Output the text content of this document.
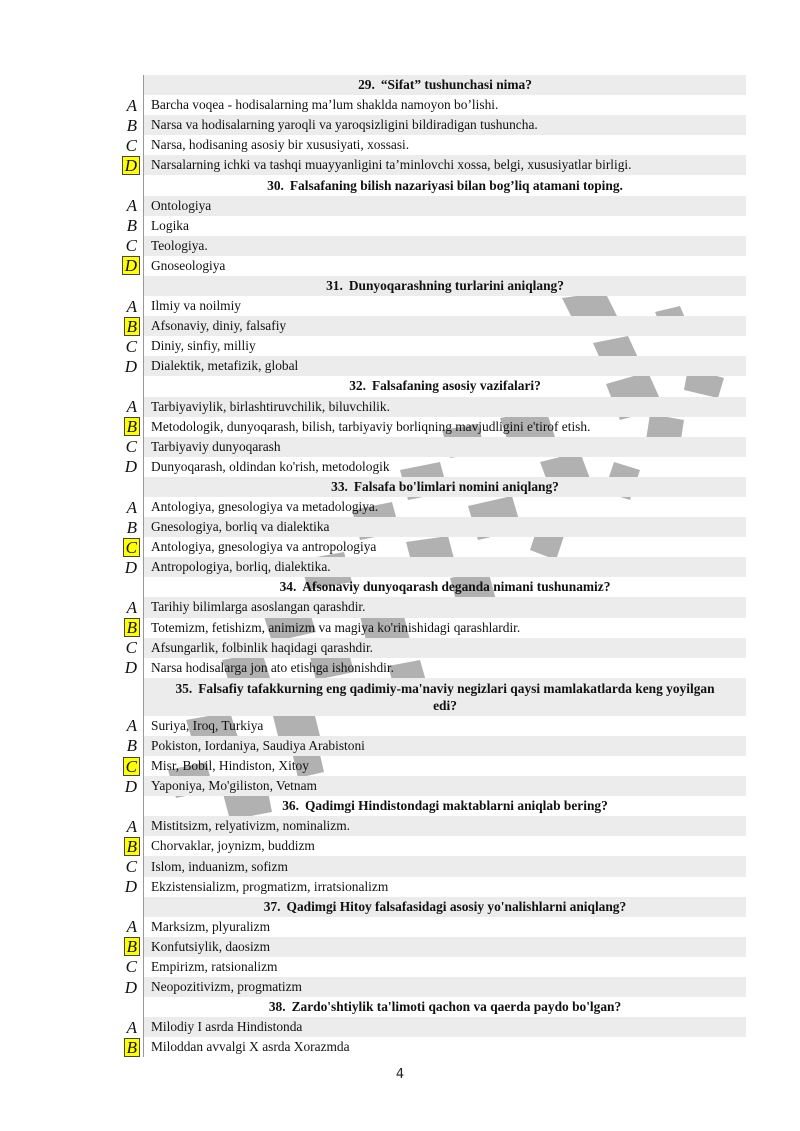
29. “Sifat” tushunchasi nima?
A	Barcha voqea - hodisalarning ma’lum shaklda namoyon bo’lishi.
B	Narsa va hodisalarning yaroqli va yaroqsizligini bildiradigan tushuncha.
C	Narsa, hodisaning asosiy bir xususiyati, xossasi.
D	Narsalarning ichki va tashqi muayyanligini ta’minlovchi xossa, belgi, xususiyatlar birligi.
30. Falsafaning bilish nazariyasi bilan bog’liq atamani toping.
A	Ontologiya
B	Logika
C	Teologiya.
D	Gnoseologiya
31. Dunyoqarashning turlarini aniqlang?
A	Ilmiy va noilmiy
B	Afsonaviy, diniy, falsafiy
C	Diniy, sinfiy, milliy
D	Dialektik, metafizik, global
32. Falsafaning asosiy vazifalari?
A	Tarbiyaviylik, birlashtiruvchilik, biluvchilik.
B	Metodologik, dunyoqarash, bilish, tarbiyaviy borliqning mavjudligini e'tirof etish.
C	Tarbiyaviy dunyoqarash
D	Dunyoqarash, oldindan ko'rish, metodologik
33. Falsafa bo'limlari nomini aniqlang?
A	Antologiya, gnesologiya va metadologiya.
B	Gnesologiya, borliq va dialektika
C	Antologiya, gnesologiya va antropologiya
D	Antropologiya, borliq, dialektika.
34. Afsonaviy dunyoqarash deganda nimani tushunamiz?
A	Tarihiy bilimlarga asoslangan qarashdir.
B	Totemizm, fetishizm, animizm va magiya ko'rinishidagi qarashlardir.
C	Afsungarlik, folbinlik haqidagi qarashdir.
D	Narsa hodisalarga jon ato etishga ishonishdir.
35. Falsafiy tafakkurning eng qadimiy-ma'naviy negizlari qaysi mamlakatlarda keng yoyilgan edi?
A	Suriya, Iroq, Turkiya
B	Pokiston, Iordaniya, Saudiya Arabistoni
C	Misr, Bobil, Hindiston, Xitoy
D	Yaponiya, Mo'giliston, Vetnam
36. Qadimgi Hindistondagi maktablarni aniqlab bering?
A	Mistitsizm, relyativizm, nominalizm.
B	Chorvaklar, joynizm, buddizm
C	Islom, induanizm, sofizm
D	Ekzistensializm, progmatizm, irratsionalizm
37. Qadimgi Hitoy falsafasidagi asosiy yo'nalishlarni aniqlang?
A	Marksizm, plyuralizm
B	Konfutsiylik, daosizm
C	Empirizm, ratsionalizm
D	Neopozitivizm, progmatizm
38. Zardo'shtiylik ta'limoti qachon va qaerda paydo bo'lgan?
A	Milodiy I asrda Hindistonda
B	Miloddan avvalgi X asrda Xorazmda
4
